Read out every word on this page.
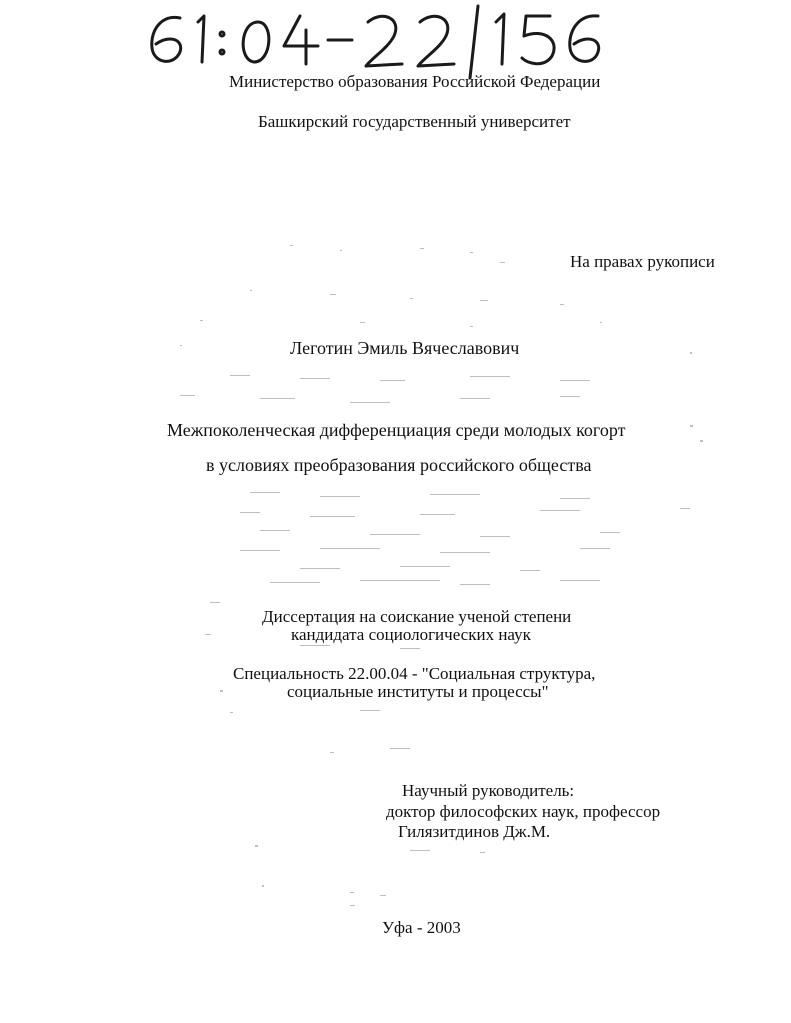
Министерство образования Российской Федерации
Башкирский государственный университет
На правах рукописи
Леготин Эмиль Вячеславович
Межпоколенческая дифференциация среди молодых когорт
в условиях преобразования российского общества
Диссертация на соискание ученой степени
кандидата социологических наук
Специальность 22.00.04 - "Социальная структура,
социальные институты и процессы"
Научный руководитель:
доктор философских наук, профессор
Гилязитдинов Дж.М.
Уфа - 2003
